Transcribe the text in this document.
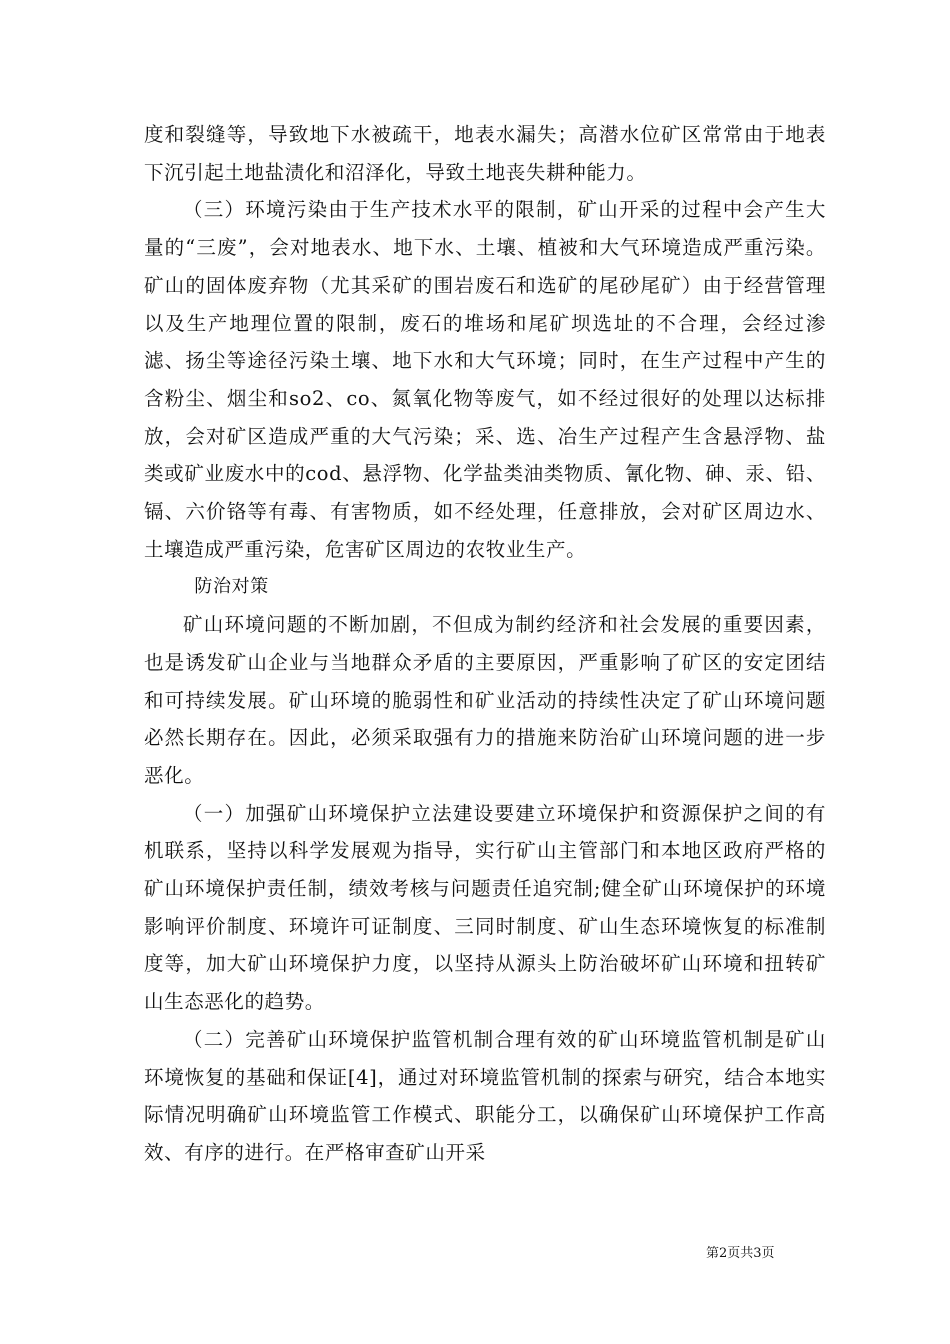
度和裂缝等，导致地下水被疏干，地表水漏失；高潜水位矿区常常由于地表下沉引起土地盐渍化和沼泽化，导致土地丧失耕种能力。

（三）环境污染由于生产技术水平的限制，矿山开采的过程中会产生大量的“三废”，会对地表水、地下水、土壤、植被和大气环境造成严重污染。矿山的固体废弃物（尤其采矿的围岩废石和选矿的尾砂尾矿）由于经营管理以及生产地理位置的限制，废石的堆场和尾矿坝选址的不合理，会经过渗滤、扬尘等途径污染土壤、地下水和大气环境；同时，在生产过程中产生的含粉尘、烟尘和so2、co、氮氧化物等废气，如不经过很好的处理以达标排放，会对矿区造成严重的大气污染；采、选、冶生产过程产生含悬浮物、盐类或矿业废水中的cod、悬浮物、化学盐类油类物质、氰化物、砷、汞、铅、镉、六价铬等有毒、有害物质，如不经处理，任意排放，会对矿区周边水、土壤造成严重污染，危害矿区周边的农牧业生产。

防治对策

矿山环境问题的不断加剧，不但成为制约经济和社会发展的重要因素，也是诱发矿山企业与当地群众矛盾的主要原因，严重影响了矿区的安定团结和可持续发展。矿山环境的脆弱性和矿业活动的持续性决定了矿山环境问题必然长期存在。因此，必须采取强有力的措施来防治矿山环境问题的进一步恶化。

（一）加强矿山环境保护立法建设要建立环境保护和资源保护之间的有机联系，坚持以科学发展观为指导，实行矿山主管部门和本地区政府严格的矿山环境保护责任制，绩效考核与问题责任追究制;健全矿山环境保护的环境影响评价制度、环境许可证制度、三同时制度、矿山生态环境恢复的标准制度等，加大矿山环境保护力度，以坚持从源头上防治破坏矿山环境和扭转矿山生态恶化的趋势。

（二）完善矿山环境保护监管机制合理有效的矿山环境监管机制是矿山环境恢复的基础和保证[4]，通过对环境监管机制的探索与研究，结合本地实际情况明确矿山环境监管工作模式、职能分工，以确保矿山环境保护工作高效、有序的进行。在严格审查矿山开采

第2页共3页
